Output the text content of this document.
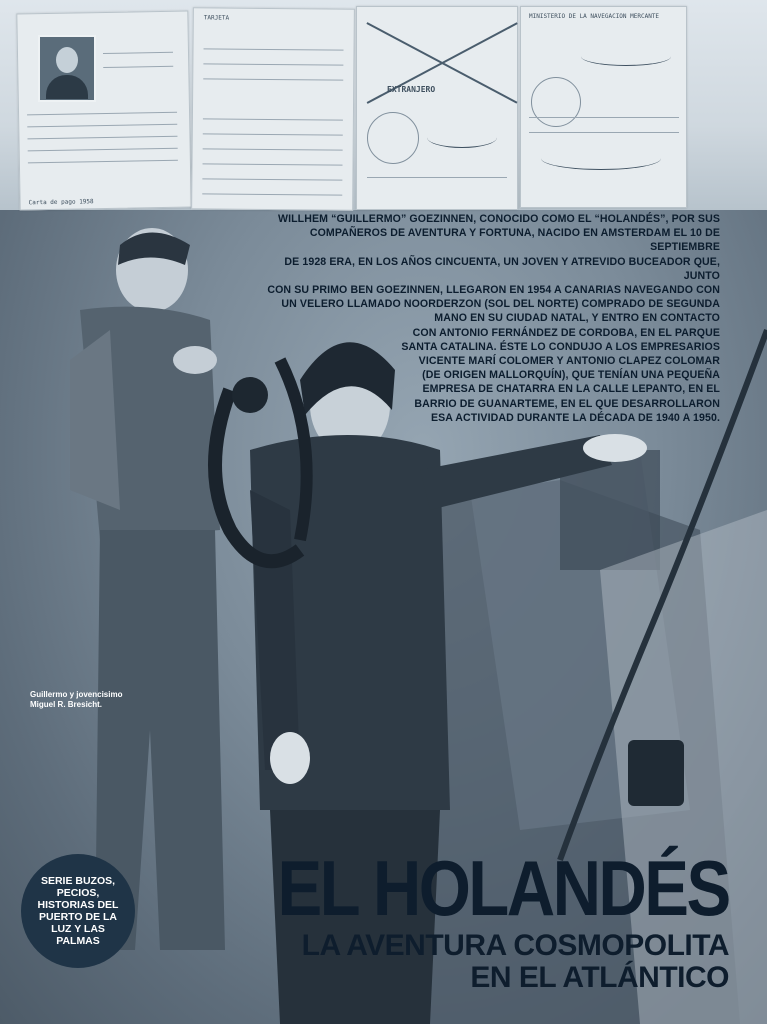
Carta de pago 1958
TARJETA
EXTRANJERO
MINISTERIO DE LA NAVEGACION MERCANTE
WILLHEM “GUILLERMO” GOEZINNEN, CONOCIDO COMO EL “HOLANDÉS”, POR SUS
COMPAÑEROS DE AVENTURA Y FORTUNA, NACIDO EN AMSTERDAM EL 10 DE SEPTIEMBRE
DE 1928 ERA, EN LOS AÑOS CINCUENTA, UN JOVEN Y ATREVIDO BUCEADOR QUE, JUNTO
CON SU PRIMO BEN GOEZINNEN, LLEGARON EN 1954 A CANARIAS NAVEGANDO CON
UN VELERO LLAMADO NOORDERZON (SOL DEL NORTE) COMPRADO DE SEGUNDA
MANO EN SU CIUDAD NATAL, Y ENTRO EN CONTACTO
CON ANTONIO FERNÁNDEZ DE CORDOBA, EN EL PARQUE
SANTA CATALINA. ÉSTE LO CONDUJO A LOS EMPRESARIOS
VICENTE MARÍ COLOMER Y ANTONIO CLAPEZ COLOMAR
(DE ORIGEN MALLORQUÍN), QUE TENÍAN UNA PEQUEÑA
EMPRESA DE CHATARRA EN LA CALLE LEPANTO, EN EL
BARRIO DE GUANARTEME, EN EL QUE DESARROLLARON
ESA ACTIVIDAD DURANTE LA DÉCADA DE 1940 A 1950.
Guillermo y jovencisimo
Miguel R. Bresicht.
SERIE BUZOS, PECIOS, HISTORIAS DEL PUERTO DE LA LUZ Y LAS PALMAS
EL HOLANDÉS
LA AVENTURA COSMOPOLITA
EN EL ATLÁNTICO
